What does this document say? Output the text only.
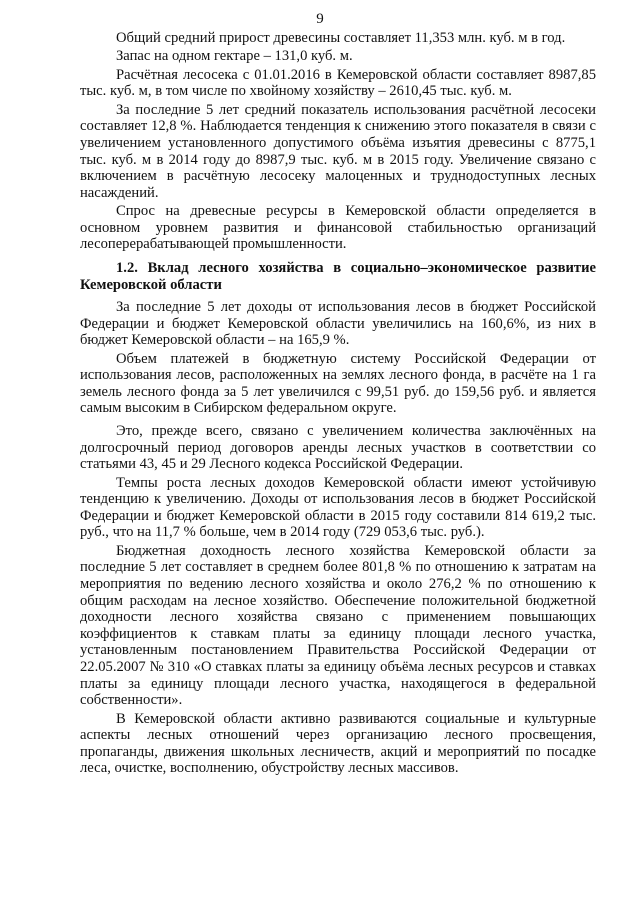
9

Общий средний прирост древесины составляет 11,353 млн. куб. м в год.

Запас на одном гектаре – 131,0 куб. м.

Расчётная лесосека с 01.01.2016 в Кемеровской области составляет 8987,85 тыс. куб. м, в том числе по хвойному хозяйству – 2610,45 тыс. куб. м.

За последние 5 лет средний показатель использования расчётной лесосеки составляет 12,8 %. Наблюдается тенденция к снижению этого показателя в связи с увеличением установленного допустимого объёма изъятия древесины с 8775,1 тыс. куб. м в 2014 году до 8987,9 тыс. куб. м в 2015 году. Увеличение связано с включением в расчётную лесосеку малоценных и труднодоступных лесных насаждений.

Спрос на древесные ресурсы в Кемеровской области определяется в основном уровнем развития и финансовой стабильностью организаций лесоперерабатывающей промышленности.

1.2. Вклад лесного хозяйства в социально–экономическое развитие Кемеровской области

За последние 5 лет доходы от использования лесов в бюджет Российской Федерации и бюджет Кемеровской области увеличились на 160,6%, из них в бюджет Кемеровской области – на 165,9 %.

Объем платежей в бюджетную систему Российской Федерации от использования лесов, расположенных на землях лесного фонда, в расчёте на 1 га земель лесного фонда за 5 лет увеличился с 99,51 руб. до 159,56 руб. и является самым высоким в Сибирском федеральном округе.

Это, прежде всего, связано с увеличением количества заключённых на долгосрочный период договоров аренды лесных участков в соответствии со статьями 43, 45 и 29 Лесного кодекса Российской Федерации.

Темпы роста лесных доходов Кемеровской области имеют устойчивую тенденцию к увеличению. Доходы от использования лесов в бюджет Российской Федерации и бюджет Кемеровской области в 2015 году составили 814 619,2 тыс. руб., что на 11,7 % больше, чем в 2014 году (729 053,6 тыс. руб.).

Бюджетная доходность лесного хозяйства Кемеровской области за последние 5 лет составляет в среднем более 801,8 % по отношению к затратам на мероприятия по ведению лесного хозяйства и около 276,2 % по отношению к общим расходам на лесное хозяйство. Обеспечение положительной бюджетной доходности лесного хозяйства связано с применением повышающих коэффициентов к ставкам платы за единицу площади лесного участка, установленным постановлением Правительства Российской Федерации от 22.05.2007 № 310 «О ставках платы за единицу объёма лесных ресурсов и ставках платы за единицу площади лесного участка, находящегося в федеральной собственности».

В Кемеровской области активно развиваются социальные и культурные аспекты лесных отношений через организацию лесного просвещения, пропаганды, движения школьных лесничеств, акций и мероприятий по посадке леса, очистке, восполнению, обустройству лесных массивов.
